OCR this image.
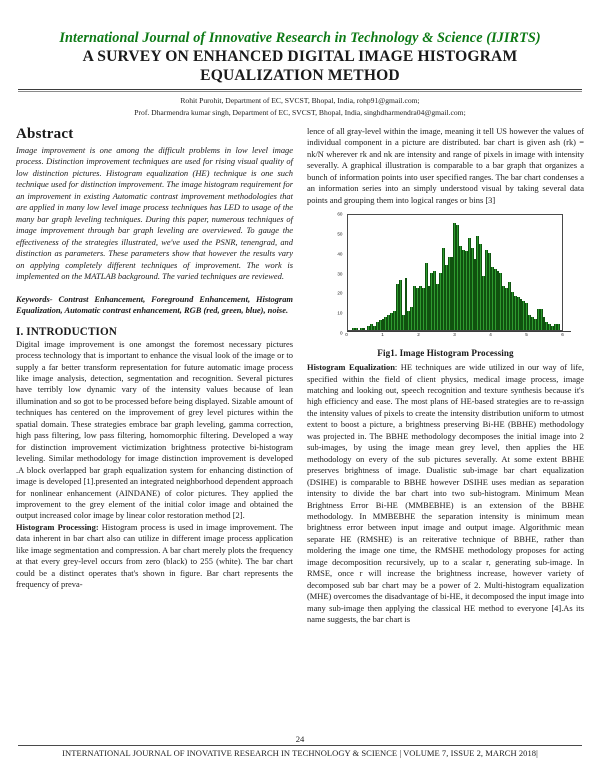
International Journal of Innovative Research in Technology & Science (IJIRTS)
A SURVEY ON ENHANCED DIGITAL IMAGE HISTOGRAM EQUALIZATION METHOD
Rohit Purohit, Department of EC, SVCST, Bhopal, India, rohp91@gmail.com;
Prof. Dharmendra kumar singh, Department of EC, SVCST, Bhopal, India, singhdharmendra04@gmail.com;
Abstract

Image improvement is one among the difficult problems in low level image process. Distinction improvement techniques are used for rising visual quality of low distinction pictures. Histogram equalization (HE) technique is one such technique used for distinction improvement. The image histogram requirement for an improvement in existing Automatic contrast improvement methodologies that are applied in many low level image process techniques has LED to usage of the many bar graph leveling techniques. During this paper, numerous techniques of image improvement through bar graph leveling are overviewed. To gauge the effectiveness of the strategies illustrated, we've used the PSNR, tenengrad, and distinction as parameters. These parameters show that however the results vary on applying completely different techniques of improvement. The work is implemented on the MATLAB background. The varied techniques are reviewed.

Keywords- Contrast Enhancement, Foreground Enhancement, Histogram Equalization, Automatic contrast enhancement, RGB (red, green, blue), noise.

I. INTRODUCTION

Digital image improvement is one amongst the foremost necessary pictures process technology that is important to enhance the visual look of the image or to supply a far better transform representation for future automatic image process like image analysis, detection, segmentation and recognition. Several pictures have terribly low dynamic vary of the intensity values because of lean illumination and so got to be processed before being displayed. Sizable amount of techniques has centered on the improvement of grey level pictures within the spatial domain. These strategies embrace bar graph leveling, gamma correction, high pass filtering, low pass filtering, homomorphic filtering. Developed a way for distinction improvement victimization brightness protective bi-histogram leveling. Similar methodology for image distinction improvement is developed .A block overlapped bar graph equalization system for enhancing distinction of image is developed [1].presented an integrated neighborhood dependent approach for nonlinear enhancement (AINDANE) of color pictures. They applied the improvement to the grey element of the initial color image and obtained the output increased color image by linear color restoration method [2].

Histogram Processing: Histogram process is used in image improvement. The data inherent in bar chart also can utilize in different image process application like image segmentation and compression. A bar chart merely plots the frequency at that every grey-level occurs from zero (black) to 255 (white). The bar chart could be a distinct operates that's shown in figure. Bar chart represents the frequency of preva-

lence of all gray-level within the image, meaning it tell US however the values of individual component in a picture are distributed. bar chart is given ash (rk) = nk/N wherever rk and nk are intensity and range of pixels in image with intensity severally. A graphical illustration is comparable to a bar graph that organizes a bunch of information points into user specified ranges. The bar chart condenses a an information series into an simply understood visual by taking several data points and grouping them into logical ranges or bins [3]

0
10
20
30
40
50
60
0	1	2	3	4	5	6
Fig1. Image Histogram Processing

Histogram Equalization: HE techniques are wide utilized in our way of life, specified within the field of client physics, medical image process, image matching and looking out, speech recognition and texture synthesis because it's high efficiency and ease. The most plans of HE-based strategies are to re-assign the intensity values of pixels to create the intensity distribution uniform to utmost extent to boost a picture, a brightness preserving Bi-HE (BBHE) methodology was projected in. The BBHE methodology decomposes the initial image into 2 sub-images, by using the image mean grey level, then applies the HE methodology on every of the sub pictures severally. At some extent BBHE preserves brightness of image. Dualistic sub-image bar chart equalization (DSIHE) is comparable to BBHE however DSIHE uses median as separation intensity to divide the bar chart into two sub-histogram. Minimum Mean Brightness Error Bi-HE (MMBEBHE) is an extension of the BBHE methodology. In MMBEBHE the separation intensity is minimum mean brightness error between input image and output image. Algorithmic mean separate HE (RMSHE) is an reiterative technique of BBHE, rather than moldering the image one time, the RMSHE methodology proposes for acting image decomposition recursively, up to a scalar r, generating sub-image. In RMSE, once r will increase the brightness increase, however variety of decomposed sub bar chart may be a power of 2. Multi-histogram equalization (MHE) overcomes the disadvantage of bi-HE, it decomposed the input image into many sub-image then applying the classical HE method to everyone [4].As its name suggests, the bar chart is

24
INTERNATIONAL JOURNAL OF INOVATIVE RESEARCH IN TECHNOLOGY & SCIENCE | VOLUME 7, ISSUE 2, MARCH 2018|
